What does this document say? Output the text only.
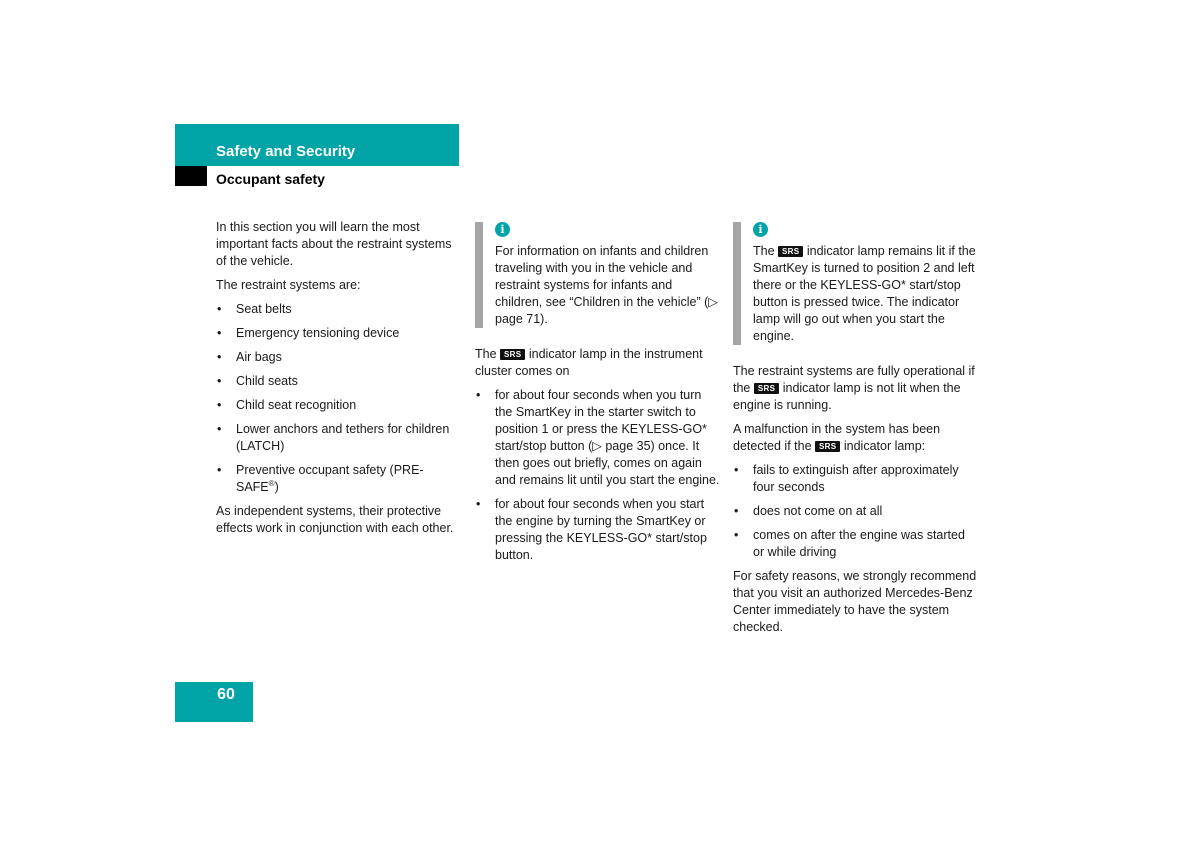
Safety and Security
Occupant safety

In this section you will learn the most important facts about the restraint systems of the vehicle.

The restraint systems are:

• Seat belts
• Emergency tensioning device
• Air bags
• Child seats
• Child seat recognition
• Lower anchors and tethers for children (LATCH)
• Preventive occupant safety (PRE-SAFE®)

As independent systems, their protective effects work in conjunction with each other.

i
For information on infants and children traveling with you in the vehicle and restraint systems for infants and children, see “Children in the vehicle” (▷ page 71).

The SRS indicator lamp in the instrument cluster comes on

• for about four seconds when you turn the SmartKey in the starter switch to position 1 or press the KEYLESS-GO* start/stop button (▷ page 35) once. It then goes out briefly, comes on again and remains lit until you start the engine.
• for about four seconds when you start the engine by turning the SmartKey or pressing the KEYLESS-GO* start/stop button.
i
The SRS indicator lamp remains lit if the SmartKey is turned to position 2 and left there or the KEYLESS-GO* start/stop button is pressed twice. The indicator lamp will go out when you start the engine.

The restraint systems are fully operational if the SRS indicator lamp is not lit when the engine is running.

A malfunction in the system has been detected if the SRS indicator lamp:

• fails to extinguish after approximately four seconds
• does not come on at all
• comes on after the engine was started or while driving

For safety reasons, we strongly recommend that you visit an authorized Mercedes-Benz Center immediately to have the system checked.

60
